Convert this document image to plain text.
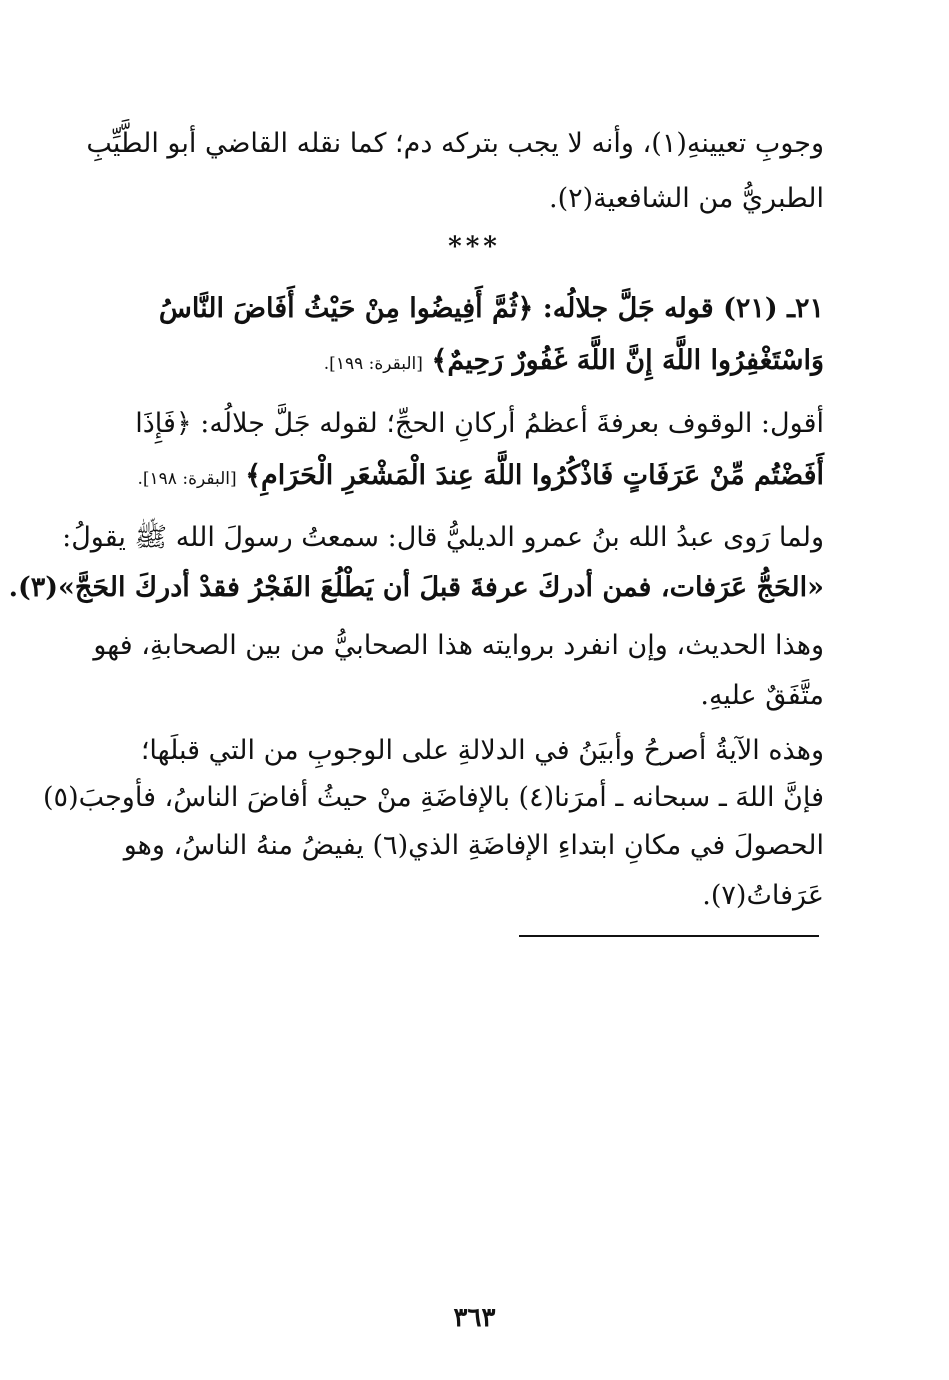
وجوبِ تعيينهِ(١)، وأنه لا يجب بتركه دم؛ كما نقله القاضي أبو الطَّيِّبِ
الطبريُّ من الشافعية(٢).
***
٢١ـ (٢١) قوله جَلَّ جلالُه: ﴿ثُمَّ أَفِيضُوا مِنْ حَيْثُ أَفَاضَ النَّاسُ
وَاسْتَغْفِرُوا اللَّهَ إِنَّ اللَّهَ غَفُورٌ رَحِيمٌ﴾ [البقرة: ١٩٩].
أقول: الوقوف بعرفةَ أعظمُ أركانِ الحجِّ؛ لقوله جَلَّ جلالُه: ﴿فَإِذَا
أَفَضْتُم مِّنْ عَرَفَاتٍ فَاذْكُرُوا اللَّهَ عِندَ الْمَشْعَرِ الْحَرَامِ﴾ [البقرة: ١٩٨].
ولما رَوى عبدُ الله بنُ عمرو الديليُّ قال: سمعتُ رسولَ الله ﷺ يقولُ:
«الحَجُّ عَرَفات، فمن أدركَ عرفةَ قبلَ أن يَطْلُعَ الفَجْرُ فقدْ أدركَ الحَجَّ»(٣).
وهذا الحديث، وإن انفرد بروايته هذا الصحابيُّ من بين الصحابةِ، فهو
متَّفَقٌ عليهِ.
وهذه الآيةُ أصرحُ وأبيَنُ في الدلالةِ على الوجوبِ من التي قبلَها؛
فإنَّ اللهَ ـ سبحانه ـ أمرَنا(٤) بالإفاضَةِ منْ حيثُ أفاضَ الناسُ، فأوجبَ(٥)
الحصولَ في مكانِ ابتداءِ الإفاضَةِ الذي(٦) يفيضُ منهُ الناسُ، وهو
عَرَفاتُ(٧).
٣٦٣
